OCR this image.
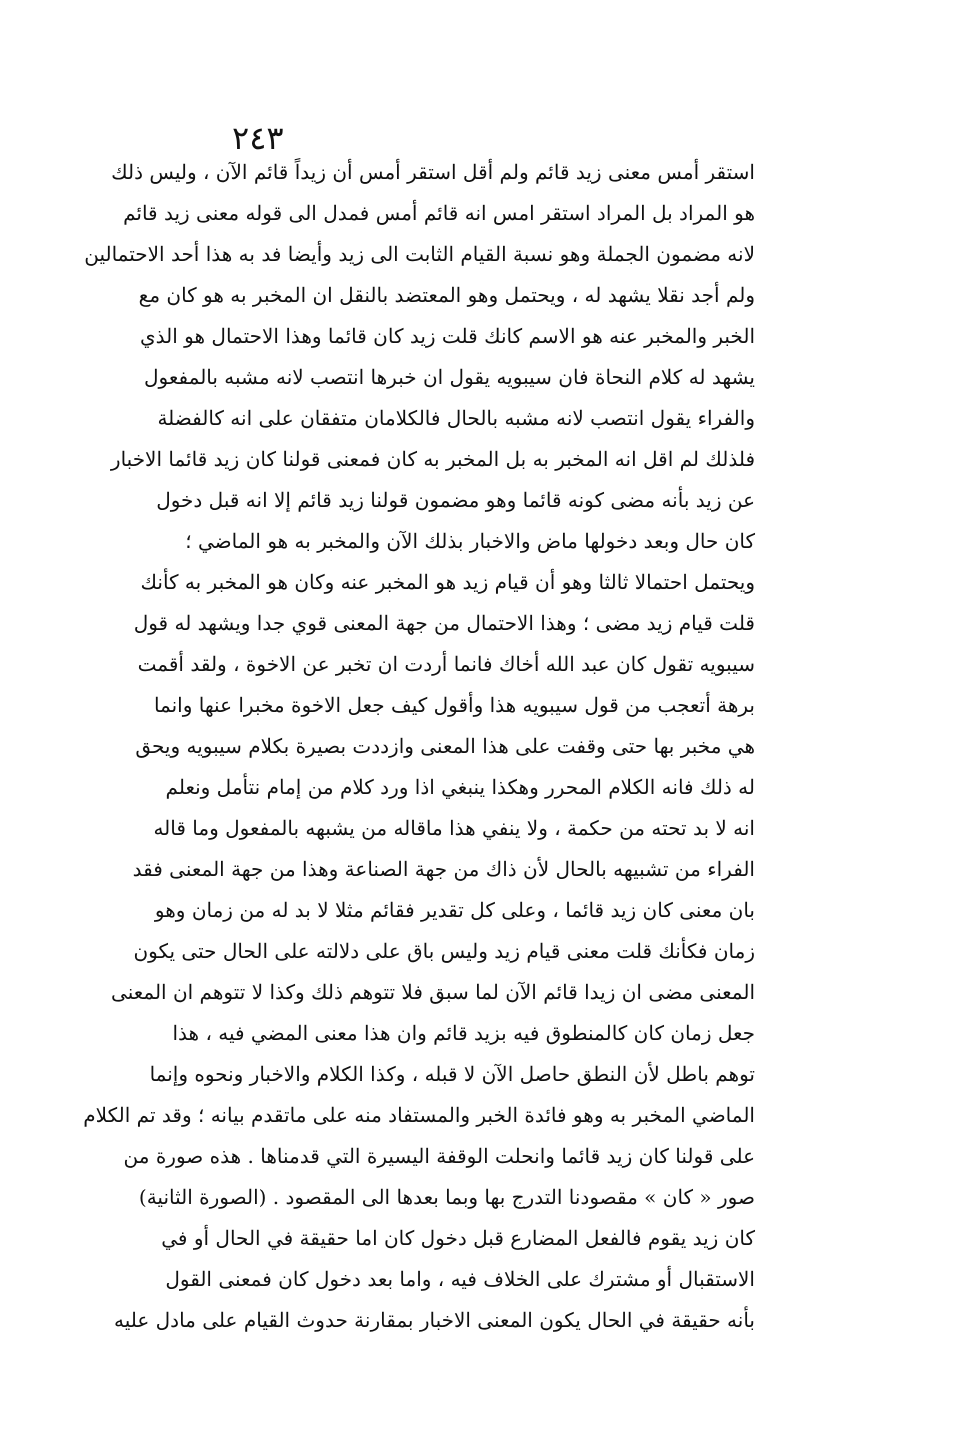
٢٤٣
استقر أمس معنى زيد قائم ولم أقل استقر أمس أن زيداً قائم الآن ، وليس ذلك
هو المراد بل المراد استقر امس انه قائم أمس فمدل الى قوله معنى زيد قائم
لانه مضمون الجملة وهو نسبة القيام الثابت الى زيد وأيضا فد به هذا أحد الاحتمالين
ولم أجد نقلا يشهد له ، ويحتمل وهو المعتضد بالنقل ان المخبر به هو كان مع
الخبر والمخبر عنه هو الاسم كانك قلت زيد كان قائما وهذا الاحتمال هو الذي
يشهد له كلام النحاة فان سيبويه يقول ان خبرها انتصب لانه مشبه بالمفعول
والفراء يقول انتصب لانه مشبه بالحال فالكلامان متفقان على انه كالفضلة
فلذلك لم اقل انه المخبر به بل المخبر به كان فمعنى قولنا كان زيد قائما الاخبار
عن زيد بأنه مضى كونه قائما وهو مضمون قولنا زيد قائم إلا انه قبل دخول
كان حال وبعد دخولها ماض والاخبار بذلك الآن والمخبر به هو الماضي ؛
ويحتمل احتمالا ثالثا وهو أن قيام زيد هو المخبر عنه وكان هو المخبر به كأنك
قلت قيام زيد مضى ؛ وهذا الاحتمال من جهة المعنى قوي جدا ويشهد له قول
سيبويه تقول كان عبد الله أخاك فانما أردت ان تخبر عن الاخوة ، ولقد أقمت
برهة أتعجب من قول سيبويه هذا وأقول كيف جعل الاخوة مخبرا عنها وانما
هي مخبر بها حتى وقفت على هذا المعنى وازددت بصيرة بكلام سيبويه ويحق
له ذلك فانه الكلام المحرر وهكذا ينبغي اذا ورد كلام من إمام نتأمل ونعلم
انه لا بد تحته من حكمة ، ولا ينفي هذا ماقاله من يشبهه بالمفعول وما قاله
الفراء من تشبيهه بالحال لأن ذاك من جهة الصناعة وهذا من جهة المعنى فقد
بان معنى كان زيد قائما ، وعلى كل تقدير فقائم مثلا لا بد له من زمان وهو
زمان فكأنك قلت معنى قيام زيد وليس باق على دلالته على الحال حتى يكون
المعنى مضى ان زيدا قائم الآن لما سبق فلا تتوهم ذلك وكذا لا تتوهم ان المعنى
جعل زمان كان كالمنطوق فيه بزيد قائم وان هذا معنى المضي فيه ، هذا
توهم باطل لأن النطق حاصل الآن لا قبله ، وكذا الكلام والاخبار ونحوه وإنما
الماضي المخبر به وهو فائدة الخبر والمستفاد منه على ماتقدم بيانه ؛ وقد تم الكلام
على قولنا كان زيد قائما وانحلت الوقفة اليسيرة التي قدمناها . هذه صورة من
صور « كان » مقصودنا التدرج بها وبما بعدها الى المقصود . (الصورة الثانية)
كان زيد يقوم فالفعل المضارع قبل دخول كان اما حقيقة في الحال أو في
الاستقبال أو مشترك على الخلاف فيه ، واما بعد دخول كان فمعنى القول
بأنه حقيقة في الحال يكون المعنى الاخبار بمقارنة حدوث القيام على مادل عليه
